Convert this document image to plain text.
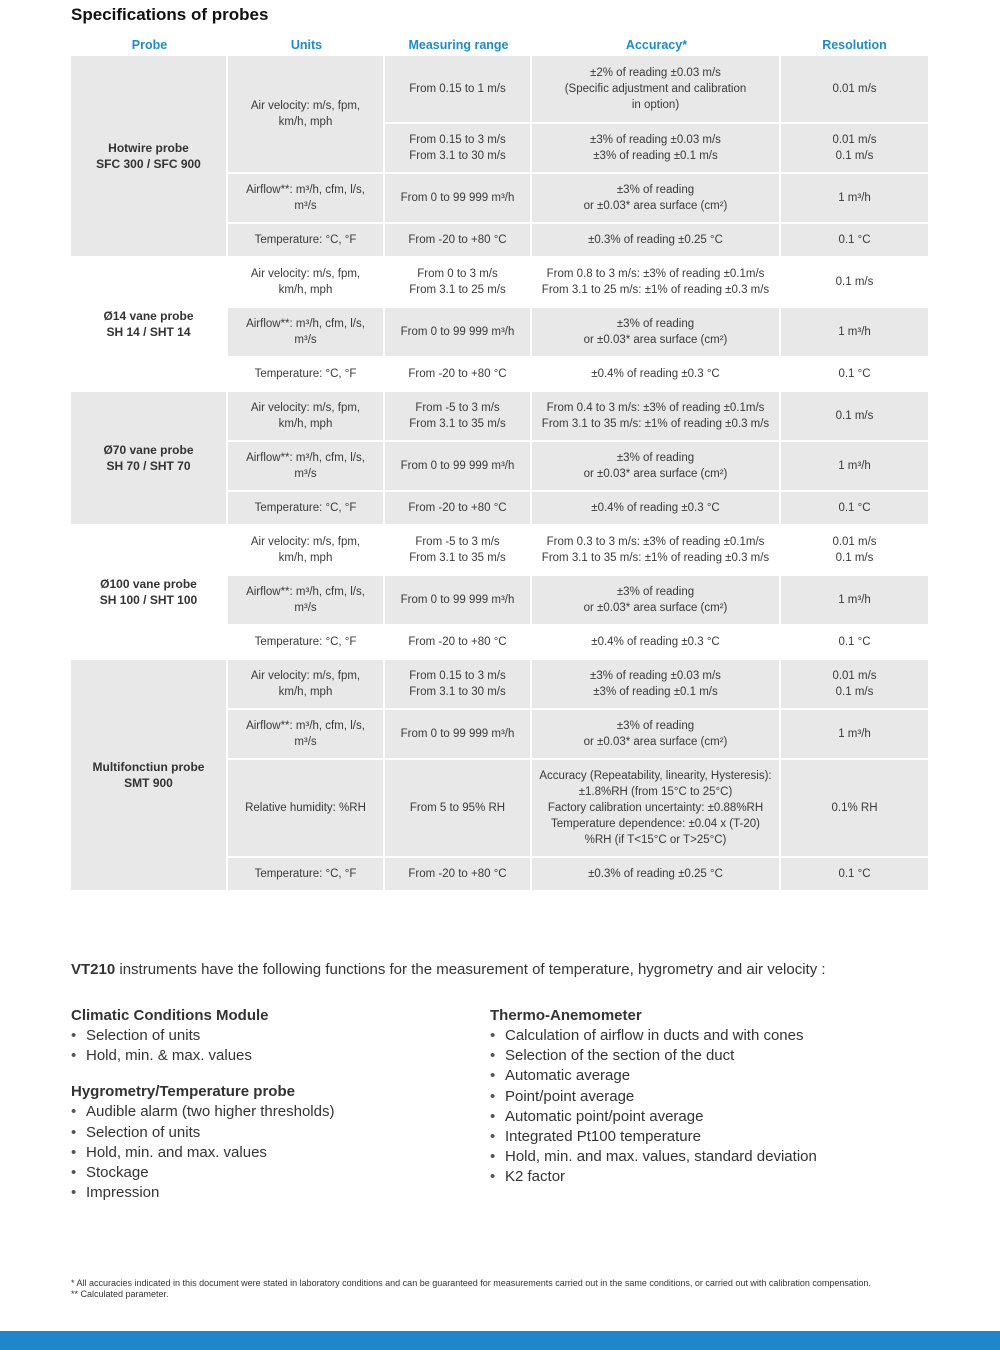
Specifications of probes
Probe	Units	Measuring range	Accuracy*	Resolution

Hotwire probe
SFC 300 / SFC 900	Air velocity: m/s, fpm,
km/h, mph	From 0.15 to 1 m/s	±2% of reading ±0.03 m/s
(Specific adjustment and calibration
in option)	0.01 m/s

		From 0.15 to 3 m/s
From 3.1 to 30 m/s	±3% of reading ±0.03 m/s
±3% of reading ±0.1 m/s	0.01 m/s
0.1 m/s

	Airflow**: m³/h, cfm, l/s,
m³/s	From 0 to 99 999 m³/h	±3% of reading
or ±0.03* area surface (cm²)	1 m³/h

	Temperature: °C, °F	From -20 to +80 °C	±0.3% of reading ±0.25 °C	0.1 °C

Ø14 vane probe
SH 14 / SHT 14	Air velocity: m/s, fpm,
km/h, mph	From 0 to 3 m/s
From 3.1 to 25 m/s	From 0.8 to 3 m/s: ±3% of reading ±0.1m/s
From 3.1 to 25 m/s: ±1% of reading ±0.3 m/s	0.1 m/s

	Airflow**: m³/h, cfm, l/s,
m³/s	From 0 to 99 999 m³/h	±3% of reading
or ±0.03* area surface (cm²)	1 m³/h

	Temperature: °C, °F	From -20 to +80 °C	±0.4% of reading ±0.3 °C	0.1 °C

Ø70 vane probe
SH 70 / SHT 70	Air velocity: m/s, fpm,
km/h, mph	From -5 to 3 m/s
From 3.1 to 35 m/s	From 0.4 to 3 m/s: ±3% of reading ±0.1m/s
From 3.1 to 35 m/s: ±1% of reading ±0.3 m/s	0.1 m/s

	Airflow**: m³/h, cfm, l/s,
m³/s	From 0 to 99 999 m³/h	±3% of reading
or ±0.03* area surface (cm²)	1 m³/h

	Temperature: °C, °F	From -20 to +80 °C	±0.4% of reading ±0.3 °C	0.1 °C

Ø100 vane probe
SH 100 / SHT 100	Air velocity: m/s, fpm,
km/h, mph	From -5 to 3 m/s
From 3.1 to 35 m/s	From 0.3 to 3 m/s: ±3% of reading ±0.1m/s
From 3.1 to 35 m/s: ±1% of reading ±0.3 m/s	0.01 m/s
0.1 m/s

	Airflow**: m³/h, cfm, l/s,
m³/s	From 0 to 99 999 m³/h	±3% of reading
or ±0.03* area surface (cm²)	1 m³/h

	Temperature: °C, °F	From -20 to +80 °C	±0.4% of reading ±0.3 °C	0.1 °C

Multifonctiun probe
SMT 900	Air velocity: m/s, fpm,
km/h, mph	From 0.15 to 3 m/s
From 3.1 to 30 m/s	±3% of reading ±0.03 m/s
±3% of reading ±0.1 m/s	0.01 m/s
0.1 m/s

	Airflow**: m³/h, cfm, l/s,
m³/s	From 0 to 99 999 m³/h	±3% of reading
or ±0.03* area surface (cm²)	1 m³/h

	Relative humidity: %RH	From 5 to 95% RH	Accuracy (Repeatability, linearity, Hysteresis):
±1.8%RH (from 15°C to 25°C)
Factory calibration uncertainty: ±0.88%RH
Temperature dependence: ±0.04 x (T-20)
%RH (if T<15°C or T>25°C)	0.1% RH

	Temperature: °C, °F	From -20 to +80 °C	±0.3% of reading ±0.25 °C	0.1 °C
VT210 instruments have the following functions for the measurement of temperature, hygrometry and air velocity :
Climatic Conditions Module
• Selection of units
• Hold, min. & max. values
Hygrometry/Temperature probe
• Audible alarm (two higher thresholds)
• Selection of units
• Hold, min. and max. values
• Stockage
• Impression
Thermo-Anemometer
• Calculation of airflow in ducts and with cones
• Selection of the section of the duct
• Automatic average
• Point/point average
• Automatic point/point average
• Integrated Pt100 temperature
• Hold, min. and max. values, standard deviation
• K2 factor
* All accuracies indicated in this document were stated in laboratory conditions and can be guaranteed for measurements carried out in the same conditions, or carried out with calibration compensation.
** Calculated parameter.
